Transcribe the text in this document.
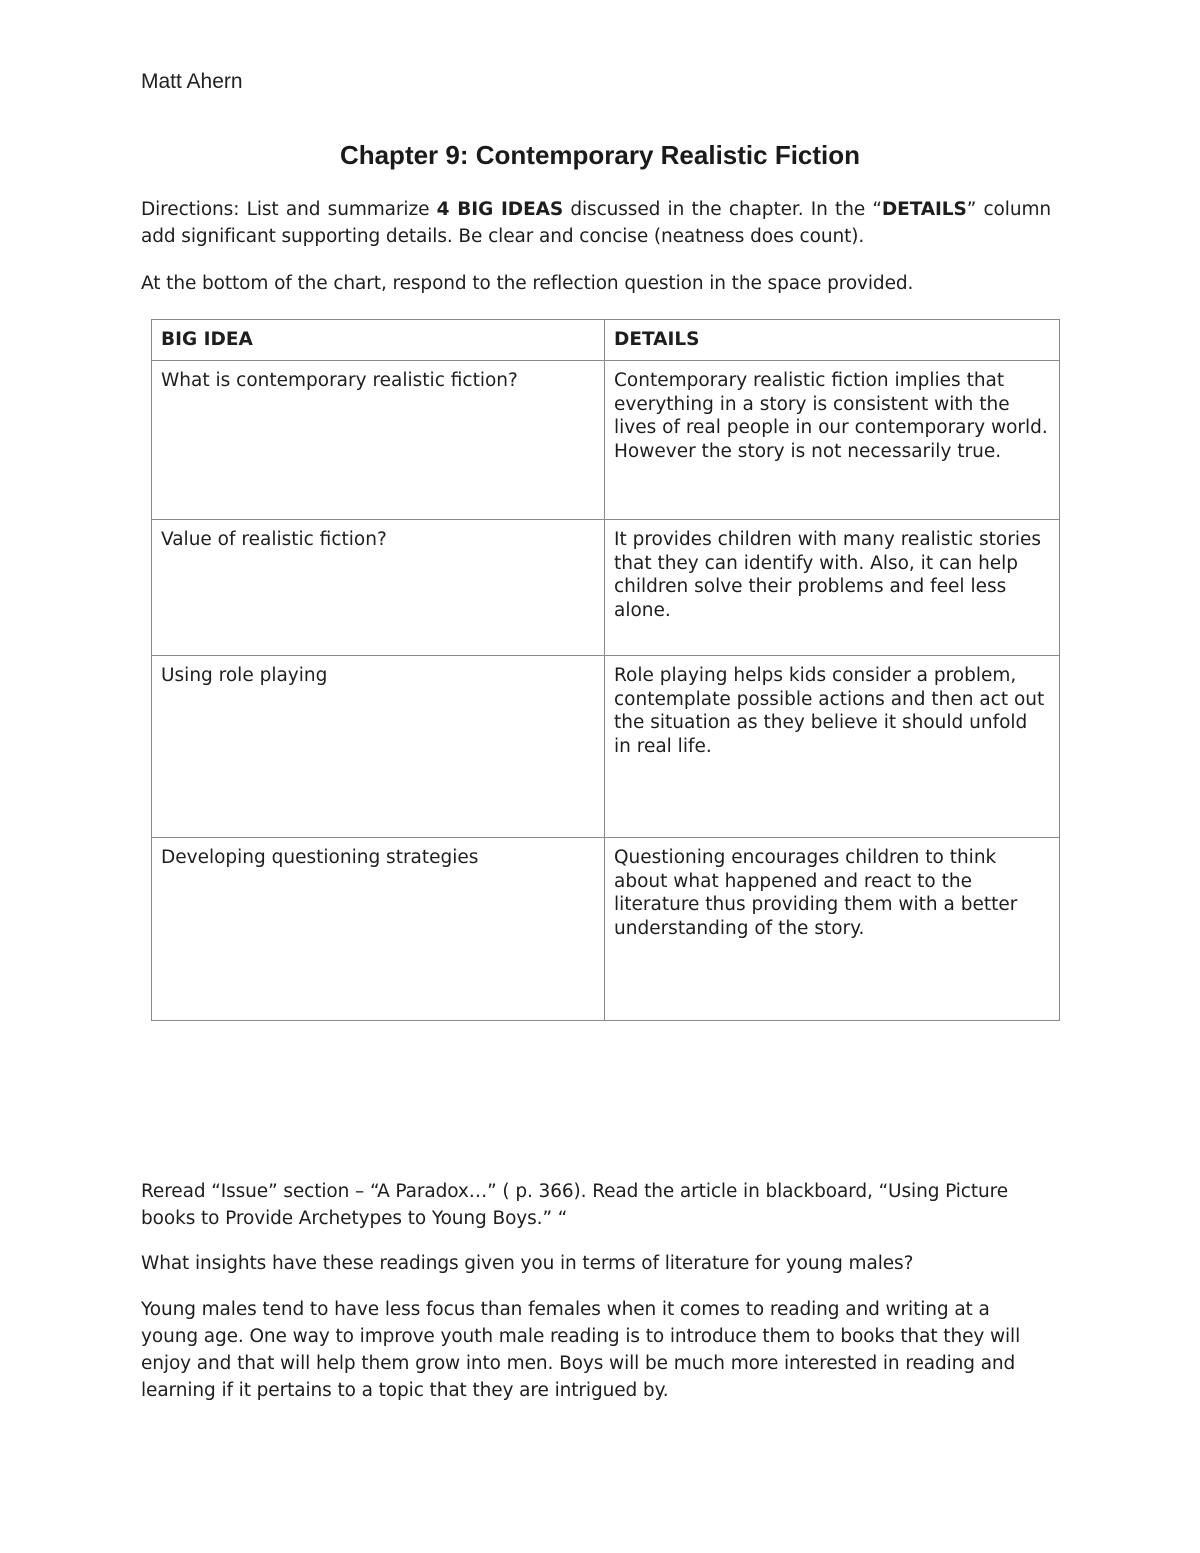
Matt Ahern
Chapter 9: Contemporary Realistic Fiction
Directions: List and summarize 4 BIG IDEAS discussed in the chapter. In the “DETAILS” column add significant supporting details. Be clear and concise (neatness does count).
At the bottom of the chart, respond to the reflection question in the space provided.
BIG IDEA	DETAILS
What is contemporary realistic fiction?	Contemporary realistic fiction implies that everything in a story is consistent with the lives of real people in our contemporary world. However the story is not necessarily true.
Value of realistic fiction?	It provides children with many realistic stories that they can identify with. Also, it can help children solve their problems and feel less alone.
Using role playing	Role playing helps kids consider a problem, contemplate possible actions and then act out the situation as they believe it should unfold in real life.
Developing questioning strategies	Questioning encourages children to think about what happened and react to the literature thus providing them with a better understanding of the story.
Reread “Issue” section – “A Paradox…” ( p. 366). Read the article in blackboard, “Using Picture books to Provide Archetypes to Young Boys.” “
What insights have these readings given you in terms of literature for young males?
Young males tend to have less focus than females when it comes to reading and writing at a young age. One way to improve youth male reading is to introduce them to books that they will enjoy and that will help them grow into men. Boys will be much more interested in reading and learning if it pertains to a topic that they are intrigued by.
